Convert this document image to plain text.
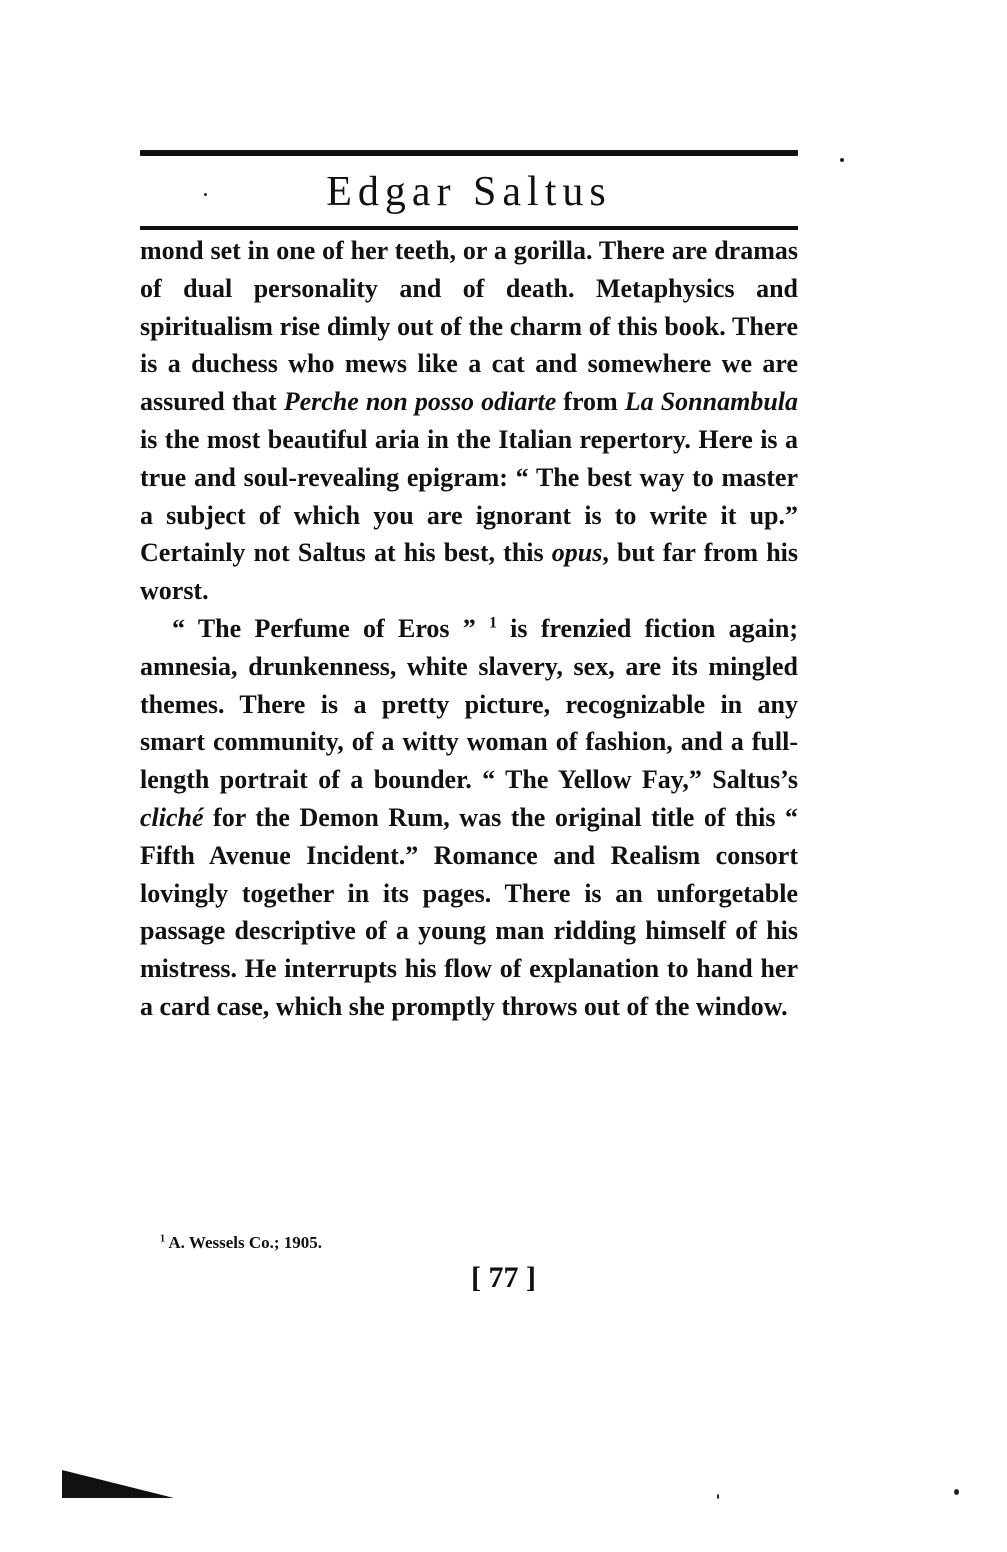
Edgar Saltus

mond set in one of her teeth, or a gorilla. There are dramas of dual personality and of death. Metaphysics and spiritualism rise dimly out of the charm of this book. There is a duchess who mews like a cat and somewhere we are assured that Perche non posso odiarte from La Sonnambula is the most beautiful aria in the Italian repertory. Here is a true and soul-revealing epigram: “ The best way to master a subject of which you are ignorant is to write it up.” Certainly not Saltus at his best, this opus, but far from his worst.

“ The Perfume of Eros ” $^1$ is frenzied fiction again; amnesia, drunkenness, white slavery, sex, are its mingled themes. There is a pretty picture, recognizable in any smart community, of a witty woman of fashion, and a full-length portrait of a bounder. “ The Yellow Fay,” Saltus’s cliché for the Demon Rum, was the original title of this “ Fifth Avenue Incident.” Romance and Realism consort lovingly together in its pages. There is an unforgetable passage descriptive of a young man ridding himself of his mistress. He interrupts his flow of explanation to hand her a card case, which she promptly throws out of the window.

$^1$ A. Wessels Co.; 1905.

[ 77 ]
